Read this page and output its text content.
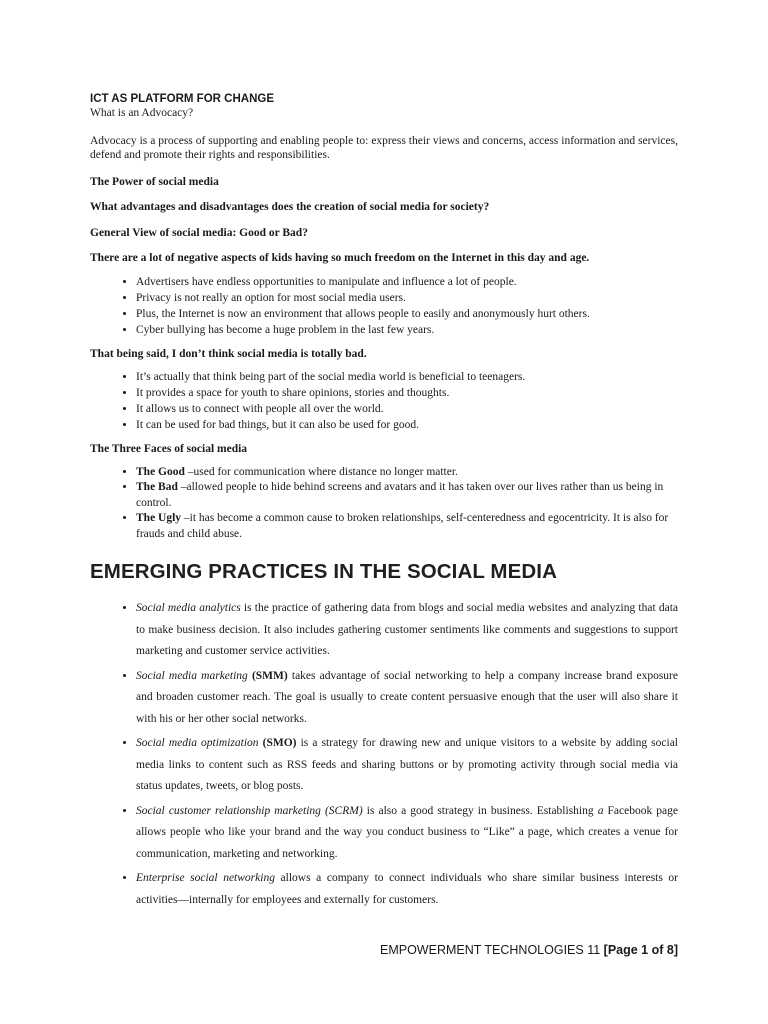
ICT AS PLATFORM FOR CHANGE

What is an Advocacy?

Advocacy is a process of supporting and enabling people to: express their views and concerns, access information and services, defend and promote their rights and responsibilities.

The Power of social media

What advantages and disadvantages does the creation of social media for society?

General View of social media: Good or Bad?

There are a lot of negative aspects of kids having so much freedom on the Internet in this day and age.

• Advertisers have endless opportunities to manipulate and influence a lot of people.
• Privacy is not really an option for most social media users.
• Plus, the Internet is now an environment that allows people to easily and anonymously hurt others.
• Cyber bullying has become a huge problem in the last few years.

That being said, I don’t think social media is totally bad.

• It’s actually that think being part of the social media world is beneficial to teenagers.
• It provides a space for youth to share opinions, stories and thoughts.
• It allows us to connect with people all over the world.
• It can be used for bad things, but it can also be used for good.

The Three Faces of social media

• The Good –used for communication where distance no longer matter.
• The Bad –allowed people to hide behind screens and avatars and it has taken over our lives rather than us being in control.
• The Ugly –it has become a common cause to broken relationships, self-centeredness and egocentricity. It is also for frauds and child abuse.
EMERGING PRACTICES IN THE SOCIAL MEDIA
• Social media analytics is the practice of gathering data from blogs and social media websites and analyzing that data to make business decision. It also includes gathering customer sentiments like comments and suggestions to support marketing and customer service activities.
• Social media marketing (SMM) takes advantage of social networking to help a company increase brand exposure and broaden customer reach. The goal is usually to create content persuasive enough that the user will also share it with his or her other social networks.
• Social media optimization (SMO) is a strategy for drawing new and unique visitors to a website by adding social media links to content such as RSS feeds and sharing buttons or by promoting activity through social media via status updates, tweets, or blog posts.
• Social customer relationship marketing (SCRM) is also a good strategy in business. Establishing a Facebook page allows people who like your brand and the way you conduct business to “Like” a page, which creates a venue for communication, marketing and networking.
• Enterprise social networking allows a company to connect individuals who share similar business interests or activities—internally for employees and externally for customers.
EMPOWERMENT TECHNOLOGIES 11 [Page 1 of 8]
